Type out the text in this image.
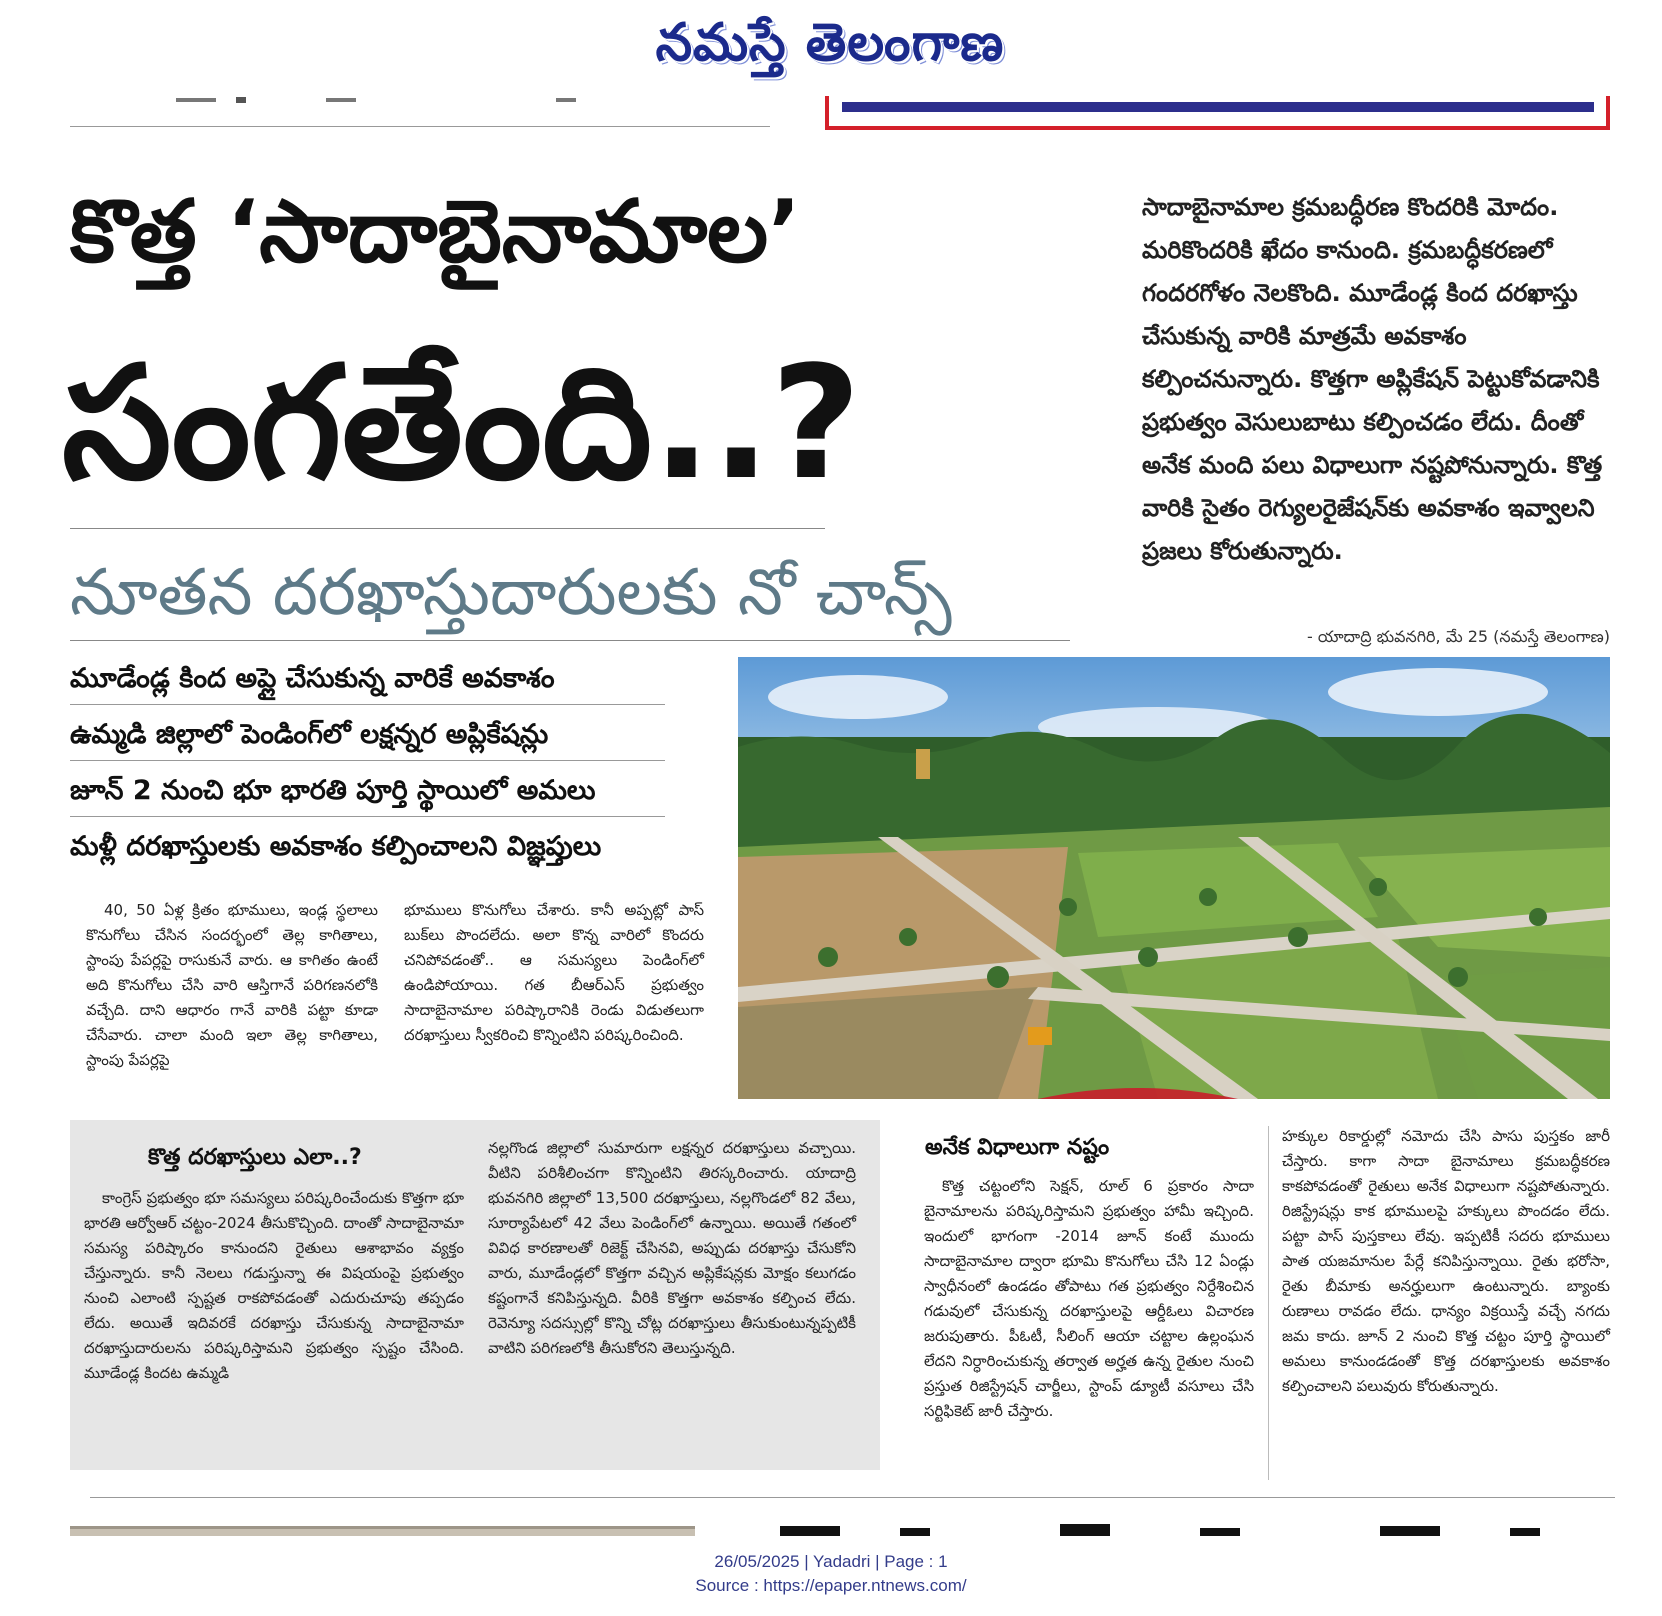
నమస్తే తెలంగాణ
కొత్త ‘సాదాబైనామాల’
సంగతేంది..?
నూతన దరఖాస్తుదారులకు నో చాన్స్

సాదాబైనామాల క్రమబద్ధీరణ కొందరికి మోదం. మరికొందరికి ఖేదం కానుంది. క్రమబద్ధీకరణలో గందరగోళం నెలకొంది. మూడేండ్ల కింద దరఖాస్తు చేసుకున్న వారికి మాత్రమే అవకాశం కల్పించనున్నారు. కొత్తగా అప్లికేషన్ పెట్టుకోవడానికి ప్రభుత్వం వెసులుబాటు కల్పించడం లేదు. దీంతో అనేక మంది పలు విధాలుగా నష్టపోనున్నారు. కొత్త వారికి సైతం రెగ్యులరైజేషన్‌కు అవకాశం ఇవ్వాలని ప్రజలు కోరుతున్నారు.

- యాదాద్రి భువనగిరి, మే 25 (నమస్తే తెలంగాణ)
మూడేండ్ల కింద అప్లై చేసుకున్న వారికే అవకాశం
ఉమ్మడి జిల్లాలో పెండింగ్‌లో లక్షన్నర అప్లికేషన్లు
జూన్ 2 నుంచి భూ భారతి పూర్తి స్థాయిలో అమలు
మళ్లీ దరఖాస్తులకు అవకాశం కల్పించాలని విజ్ఞప్తులు

40, 50 ఏళ్ల క్రితం భూములు, ఇండ్ల స్థలాలు కొనుగోలు చేసిన సందర్భంలో తెల్ల కాగితాలు, స్టాంపు పేపర్లపై రాసుకునే వారు. ఆ కాగితం ఉంటే అది కొనుగోలు చేసి వారి ఆస్తిగానే పరిగణనలోకి వచ్చేది. దాని ఆధారం గానే వారికి పట్టా కూడా చేసేవారు. చాలా మంది ఇలా తెల్ల కాగితాలు, స్టాంపు పేపర్లపై

భూములు కొనుగోలు చేశారు. కానీ అప్పట్లో పాస్ బుక్‌లు పొందలేదు. అలా కొన్న వారిలో కొందరు చనిపోవడంతో.. ఆ సమస్యలు పెండింగ్‌లో ఉండిపోయాయి. గత బీఆర్‌ఎస్ ప్రభుత్వం సాదాబైనామాల పరిష్కారానికి రెండు విడుతలుగా దరఖాస్తులు స్వీకరించి కొన్నింటిని పరిష్కరించింది.

కొత్త దరఖాస్తులు ఎలా..?

కాంగ్రెస్ ప్రభుత్వం భూ సమస్యలు పరిష్కరించేందుకు కొత్తగా భూ భారతి ఆర్వోఆర్ చట్టం-2024 తీసుకొచ్చింది. దాంతో సాదాబైనామా సమస్య పరిష్కారం కానుందని రైతులు ఆశాభావం వ్యక్తం చేస్తున్నారు. కానీ నెలలు గడుస్తున్నా ఈ విషయంపై ప్రభుత్వం నుంచి ఎలాంటి స్పష్టత రాకపోవడంతో ఎదురుచూపు తప్పడం లేదు. అయితే ఇదివరకే దరఖాస్తు చేసుకున్న సాదాబైనామా దరఖాస్తుదారులను పరిష్కరిస్తామని ప్రభుత్వం స్పష్టం చేసింది. మూడేండ్ల కిందట ఉమ్మడి

నల్లగొండ జిల్లాలో సుమారుగా లక్షన్నర దరఖాస్తులు వచ్చాయి. వీటిని పరిశీలించగా కొన్నింటిని తిరస్కరించారు. యాదాద్రి భువనగిరి జిల్లాలో 13,500 దరఖాస్తులు, నల్లగొండలో 82 వేలు, సూర్యాపేటలో 42 వేలు పెండింగ్‌లో ఉన్నాయి. అయితే గతంలో వివిధ కారణాలతో రిజెక్ట్ చేసినవి, అప్పుడు దరఖాస్తు చేసుకోని వారు, మూడేండ్లలో కొత్తగా వచ్చిన అప్లికేషన్లకు మోక్షం కలుగడం కష్టంగానే కనిపిస్తున్నది. వీరికి కొత్తగా అవకాశం కల్పించ లేదు. రెవెన్యూ సదస్సుల్లో కొన్ని చోట్ల దరఖాస్తులు తీసుకుంటున్నప్పటికీ వాటిని పరిగణలోకి తీసుకోరని తెలుస్తున్నది.

అనేక విధాలుగా నష్టం

కొత్త చట్టంలోని సెక్షన్, రూల్ 6 ప్రకారం సాదా బైనామాలను పరిష్కరిస్తామని ప్రభుత్వం హామీ ఇచ్చింది. ఇందులో భాగంగా -2014 జూన్ కంటే ముందు సాదాబైనామాల ద్వారా భూమి కొనుగోలు చేసి 12 ఏండ్లు స్వాధీనంలో ఉండడం తోపాటు గత ప్రభుత్వం నిర్దేశించిన గడువులో చేసుకున్న దరఖాస్తులపై ఆర్డీఓలు విచారణ జరుపుతారు. పీఓటీ, సీలింగ్ ఆయా చట్టాల ఉల్లంఘన లేదని నిర్ధారించుకున్న తర్వాత అర్హత ఉన్న రైతుల నుంచి ప్రస్తుత రిజిస్ట్రేషన్ చార్జీలు, స్టాంప్ డ్యూటీ వసూలు చేసి సర్టిఫికెట్ జారీ చేస్తారు.

హక్కుల రికార్డుల్లో నమోదు చేసి పాసు పుస్తకం జారీ చేస్తారు. కాగా సాదా బైనామాలు క్రమబద్ధీకరణ కాకపోవడంతో రైతులు అనేక విధాలుగా నష్టపోతున్నారు. రిజిస్ట్రేషన్లు కాక భూములపై హక్కులు పొందడం లేదు. పట్టా పాస్ పుస్తకాలు లేవు. ఇప్పటికీ సదరు భూములు పాత యజమానుల పేర్లే కనిపిస్తున్నాయి. రైతు భరోసా, రైతు బీమాకు అనర్హులుగా ఉంటున్నారు. బ్యాంకు రుణాలు రావడం లేదు. ధాన్యం విక్రయిస్తే వచ్చే నగదు జమ కాదు. జూన్ 2 నుంచి కొత్త చట్టం పూర్తి స్థాయిలో అమలు కానుండడంతో కొత్త దరఖాస్తులకు అవకాశం కల్పించాలని పలువురు కోరుతున్నారు.

26/05/2025 | Yadadri | Page : 1
Source : https://epaper.ntnews.com/
